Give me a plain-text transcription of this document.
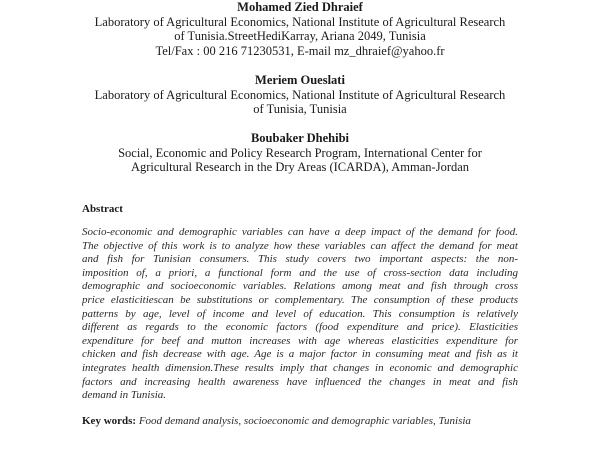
Mohamed Zied Dhraief
Laboratory of Agricultural Economics, National Institute of Agricultural Research
of Tunisia.StreetHediKarray, Ariana 2049, Tunisia
Tel/Fax : 00 216 71230531, E-mail mz_dhraief@yahoo.fr
Meriem Oueslati
Laboratory of Agricultural Economics, National Institute of Agricultural Research
of Tunisia, Tunisia
Boubaker Dhehibi
Social, Economic and Policy Research Program, International Center for
Agricultural Research in the Dry Areas (ICARDA), Amman-Jordan
Abstract
Socio-economic and demographic variables can have a deep impact of the demand for food.
The objective of this work is to analyze how these variables can affect the demand for meat
and fish for Tunisian consumers. This study covers two important aspects: the non-
imposition of, a priori, a functional form and the use of cross-section data including
demographic and socioeconomic variables. Relations among meat and fish through cross
price elasticitiescan be substitutions or complementary. The consumption of these products
patterns by age, level of income and level of education. This consumption is relatively
different as regards to the economic factors (food expenditure and price). Elasticities
expenditure for beef and mutton increases with age whereas elasticities expenditure for
chicken and fish decrease with age. Age is a major factor in consuming meat and fish as it
integrates health dimension.These results imply that changes in economic and demographic
factors and increasing health awareness have influenced the changes in meat and fish
demand in Tunisia.
Key words: Food demand analysis, socioeconomic and demographic variables, Tunisia
